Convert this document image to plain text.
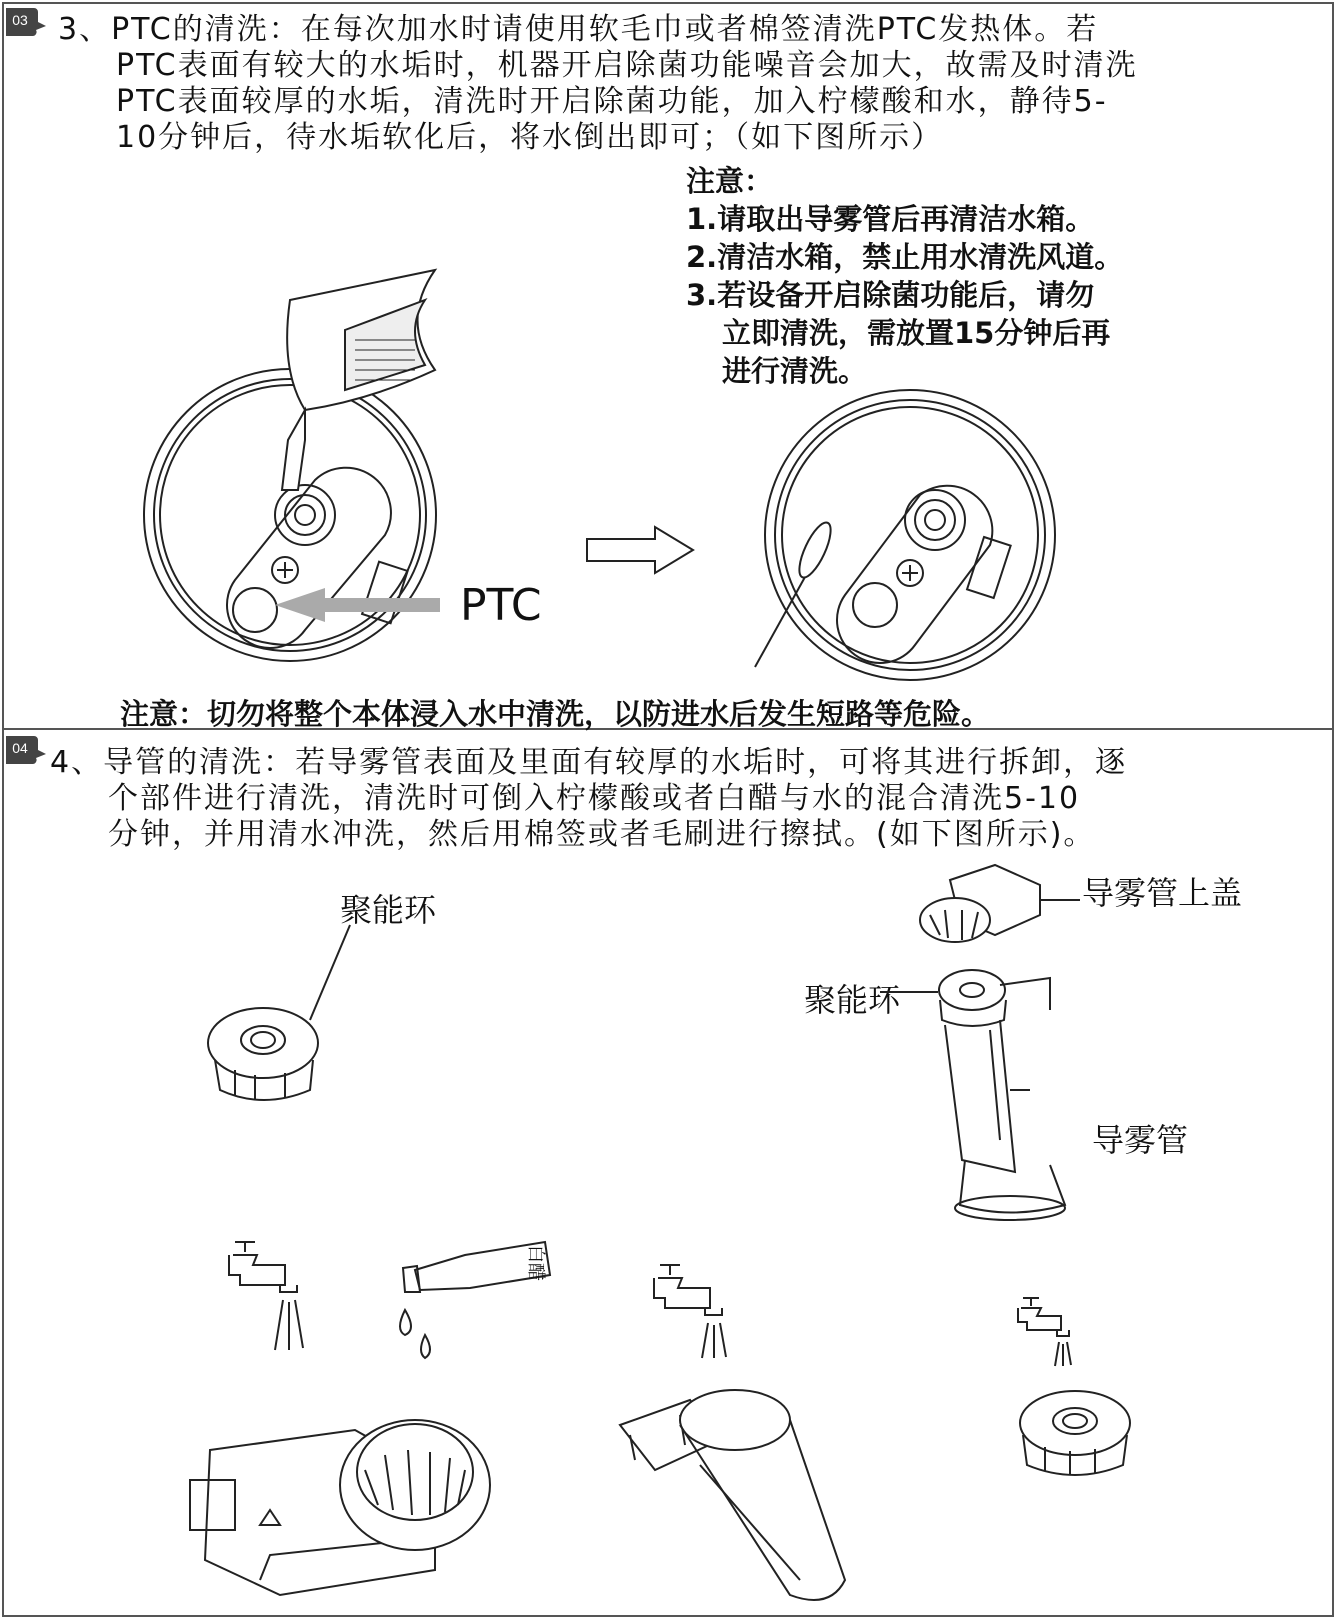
03 3、PTC的清洗：在每次加水时请使用软毛巾或者棉签清洗PTC发热体。若
PTC表面有较大的水垢时，机器开启除菌功能噪音会加大，故需及时清洗
PTC表面较厚的水垢，清洗时开启除菌功能，加入柠檬酸和水，静待5-
10分钟后，待水垢软化后，将水倒出即可；（如下图所示）
注意：
1.请取出导雾管后再清洁水箱。
2.清洁水箱，禁止用水清洗风道。
3.若设备开启除菌功能后，请勿
立即清洗，需放置15分钟后再
进行清洗。
PTC
注意：切勿将整个本体浸入水中清洗，以防进水后发生短路等危险。
04 4、导管的清洗：若导雾管表面及里面有较厚的水垢时，可将其进行拆卸，逐
个部件进行清洗，清洗时可倒入柠檬酸或者白醋与水的混合清洗5-10
分钟，并用清水冲洗，然后用棉签或者毛刷进行擦拭。(如下图所示)。
聚能环	导雾管上盖
聚能环
导雾管
白醋
